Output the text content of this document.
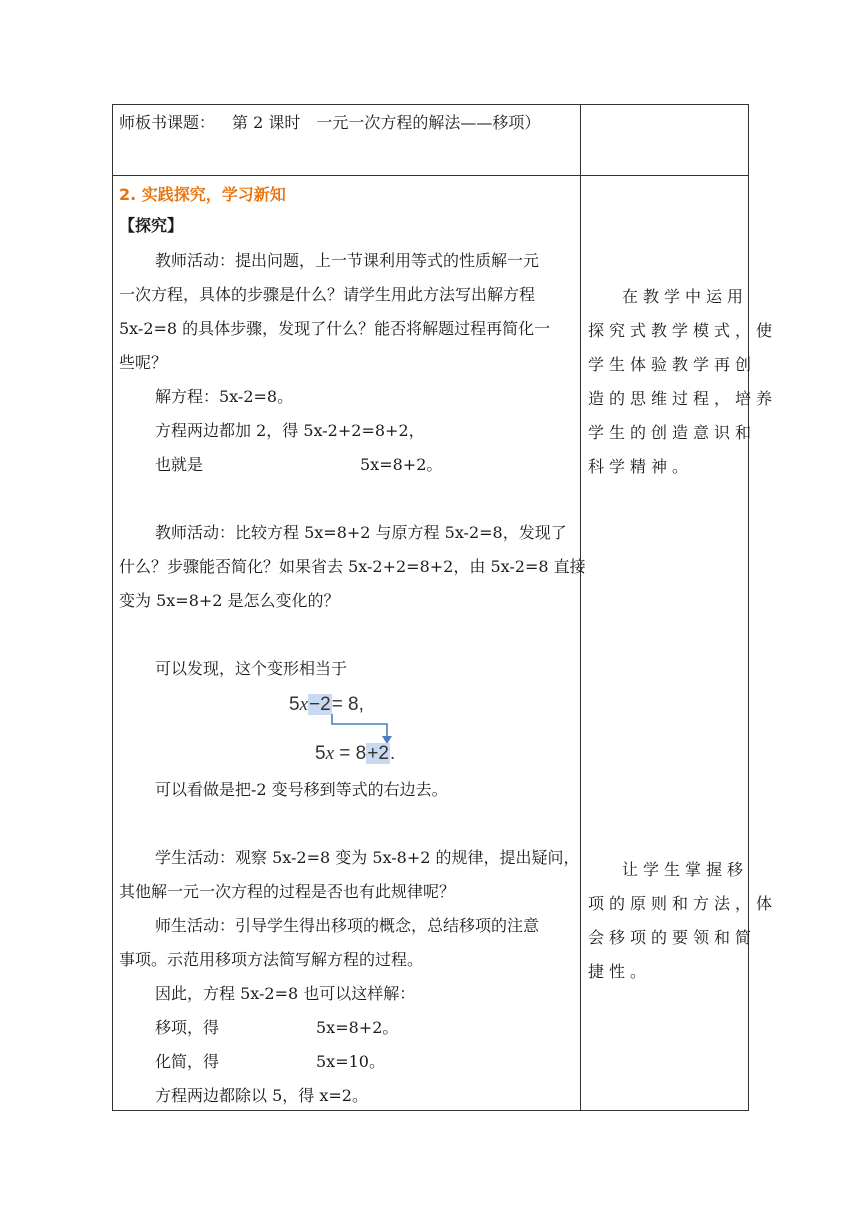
师板书课题： 第 2 课时　一元一次方程的解法——移项）
2. 实践探究，学习新知
【探究】
教师活动：提出问题，上一节课利用等式的性质解一元
一次方程，具体的步骤是什么？请学生用此方法写出解方程
5x-2=8 的具体步骤，发现了什么？能否将解题过程再简化一
些呢？
解方程：5x-2=8。
方程两边都加 2，得 5x-2+2=8+2，
也就是	5x=8+2。
教师活动：比较方程 5x=8+2 与原方程 5x-2=8，发现了
什么？步骤能否简化？如果省去 5x-2+2=8+2，由 5x-2=8 直接
变为 5x=8+2 是怎么变化的？
可以发现，这个变形相当于
5x−2= 8,
5x = 8+2.
可以看做是把-2 变号移到等式的右边去。
学生活动：观察 5x-2=8 变为 5x-8+2 的规律，提出疑问，
其他解一元一次方程的过程是否也有此规律呢？
师生活动：引导学生得出移项的概念，总结移项的注意
事项。示范用移项方法简写解方程的过程。
因此，方程 5x-2=8 也可以这样解：
移项，得	5x=8+2。
化简，得	5x=10。
方程两边都除以 5，得 x=2。
在教学中运用
探究式教学模式，使
学生体验教学再创
造的思维过程，培养
学生的创造意识和
科学精神。
让学生掌握移
项的原则和方法，体
会移项的要领和简
捷性。
